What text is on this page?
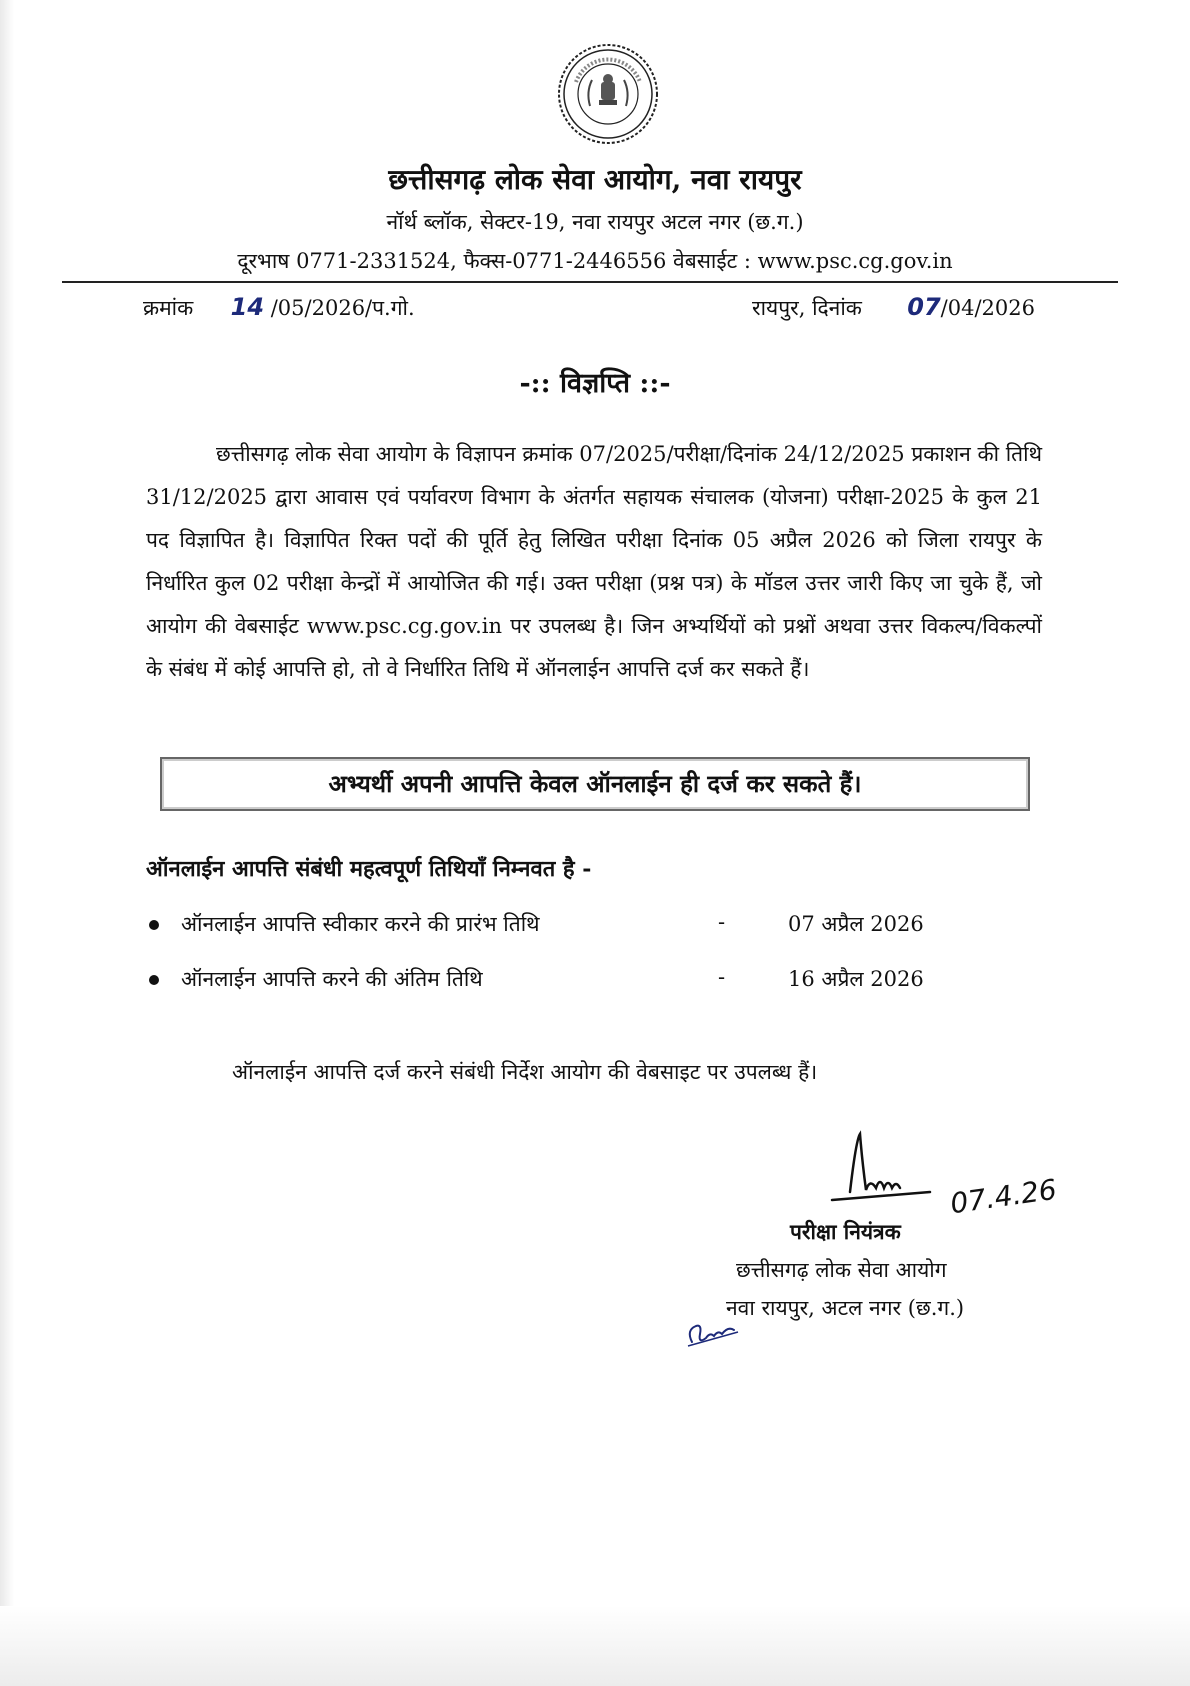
छत्तीसगढ़ लोक सेवा आयोग, नवा रायपुर
नॉर्थ ब्लॉक, सेक्टर-19, नवा रायपुर अटल नगर (छ.ग.)
दूरभाष 0771-2331524, फैक्स-0771-2446556 वेबसाईट : www.psc.cg.gov.in
क्रमांक 14 /05/2026/प.गो.	रायपुर, दिनांक 07/04/2026
-:: विज्ञप्ति ::-
छत्तीसगढ़ लोक सेवा आयोग के विज्ञापन क्रमांक 07/2025/परीक्षा/दिनांक 24/12/2025 प्रकाशन की तिथि 31/12/2025 द्वारा आवास एवं पर्यावरण विभाग के अंतर्गत सहायक संचालक (योजना) परीक्षा-2025 के कुल 21 पद विज्ञापित है। विज्ञापित रिक्त पदों की पूर्ति हेतु लिखित परीक्षा दिनांक 05 अप्रैल 2026 को जिला रायपुर के निर्धारित कुल 02 परीक्षा केन्द्रों में आयोजित की गई। उक्त परीक्षा (प्रश्न पत्र) के मॉडल उत्तर जारी किए जा चुके हैं, जो आयोग की वेबसाईट www.psc.cg.gov.in पर उपलब्ध है। जिन अभ्यर्थियों को प्रश्नों अथवा उत्तर विकल्प/विकल्पों के संबंध में कोई आपत्ति हो, तो वे निर्धारित तिथि में ऑनलाईन आपत्ति दर्ज कर सकते हैं।
अभ्यर्थी अपनी आपत्ति केवल ऑनलाईन ही दर्ज कर सकते हैं।
ऑनलाईन आपत्ति संबंधी महत्वपूर्ण तिथियाँ निम्नवत है -
ऑनलाईन आपत्ति स्वीकार करने की प्रारंभ तिथि	-	07 अप्रैल 2026
ऑनलाईन आपत्ति करने की अंतिम तिथि	-	16 अप्रैल 2026
ऑनलाईन आपत्ति दर्ज करने संबंधी निर्देश आयोग की वेबसाइट पर उपलब्ध हैं।
07.4.26
परीक्षा नियंत्रक
छत्तीसगढ़ लोक सेवा आयोग
नवा रायपुर, अटल नगर (छ.ग.)
